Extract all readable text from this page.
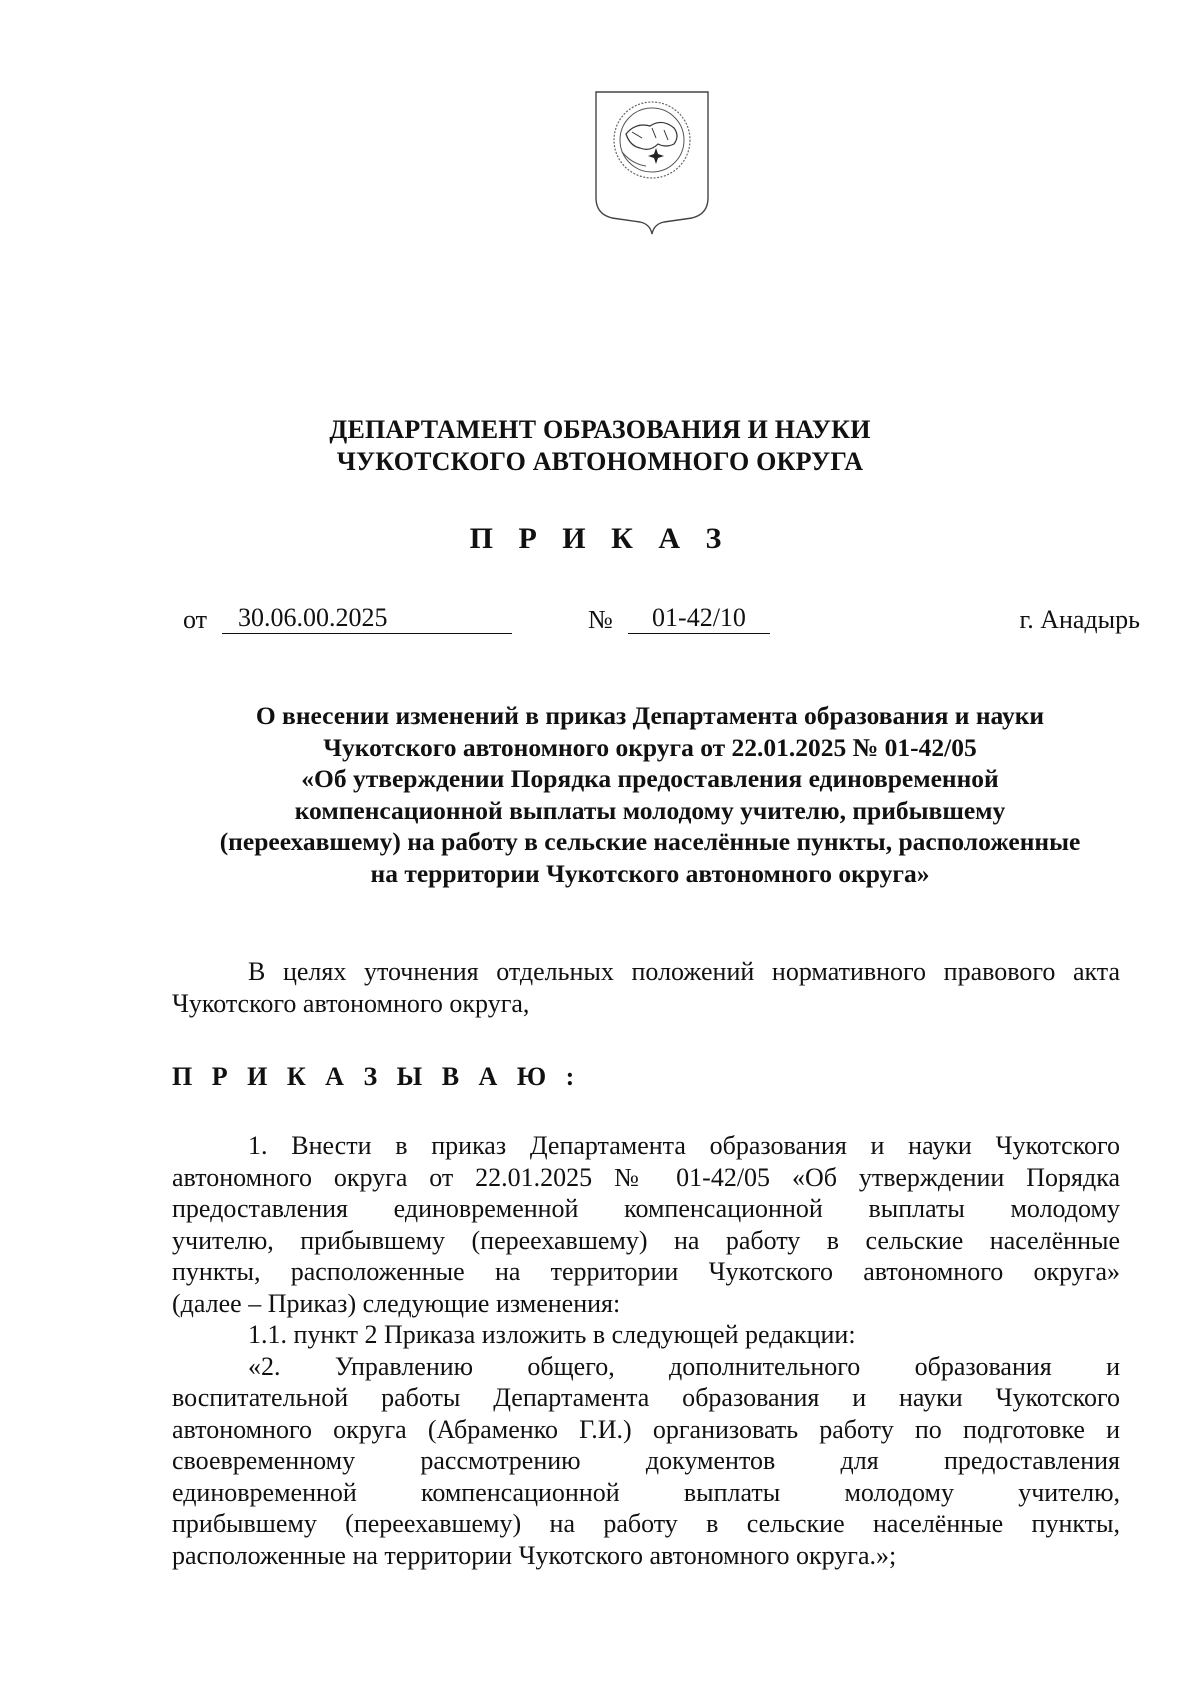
ДЕПАРТАМЕНТ ОБРАЗОВАНИЯ И НАУКИ
ЧУКОТСКОГО АВТОНОМНОГО ОКРУГА
П Р И К А З
от	30.06.00.2025	№	01-42/10	г. Анадырь
О внесении изменений в приказ Департамента образования и науки
Чукотского автономного округа от 22.01.2025 № 01-42/05
«Об утверждении Порядка предоставления единовременной
компенсационной выплаты молодому учителю, прибывшему
(переехавшему) на работу в сельские населённые пункты, расположенные
на территории Чукотского автономного округа»
В целях уточнения отдельных положений нормативного правового акта
Чукотского автономного округа,
П Р И К А З Ы В А Ю :
1. Внести в приказ Департамента образования и науки Чукотского
автономного округа от 22.01.2025 № 01-42/05 «Об утверждении Порядка
предоставления единовременной компенсационной выплаты молодому
учителю, прибывшему (переехавшему) на работу в сельские населённые
пункты, расположенные на территории Чукотского автономного округа»
(далее – Приказ) следующие изменения:
1.1. пункт 2 Приказа изложить в следующей редакции:
«2. Управлению общего, дополнительного образования и
воспитательной работы Департамента образования и науки Чукотского
автономного округа (Абраменко Г.И.) организовать работу по подготовке и
своевременному рассмотрению документов для предоставления
единовременной компенсационной выплаты молодому учителю,
прибывшему (переехавшему) на работу в сельские населённые пункты,
расположенные на территории Чукотского автономного округа.»;
